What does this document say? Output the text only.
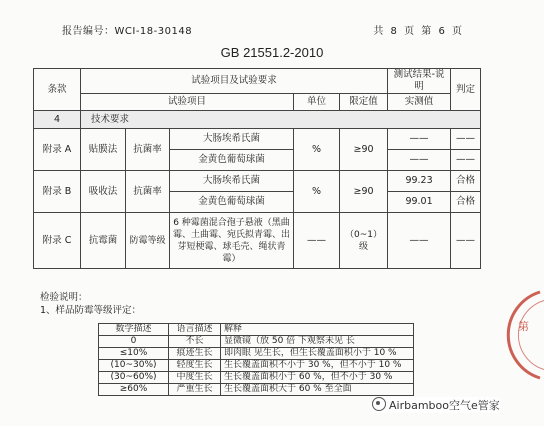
报告编号：WCI-18-30148	共 8 页 第 6 页
GB 21551.2-2010
条款	试验项目及试验要求					测试结果-说明	判定
	试验项目			单位	限定值	实测值	
4	技术要求						
附录 A	贴膜法	抗菌率	大肠埃希氏菌	%	≥90	——	——
			金黄色葡萄球菌			——	——
附录 B	吸收法	抗菌率	大肠埃希氏菌	%	≥90	99.23	合格
			金黄色葡萄球菌			99.01	合格
附录 C	抗霉菌	防霉等级	6 种霉菌混合孢子悬液（黑曲霉、土曲霉、宛氏拟青霉、出芽短梗霉、球毛壳、绳状青霉）	——	（0~1）级	——	——
检验说明：
1、样品防霉等级评定：
数学描述	语言描述	解释
0	不长	显微镜（放 50 倍 下观察未见 长
≤10%	痕迹生长	即肉眼 见生长，但生长覆盖面积小于 10 %
(10~30%)	轻度生长	生长覆盖面积不小于 30 %，但不小于 10 %
(30~60%)	中度生长	生长覆盖面积小于 60 %，但不小于 30 %
≥60%	严重生长	生长覆盖面积大于 60 % 至全面
第
Airbamboo空气e管家
